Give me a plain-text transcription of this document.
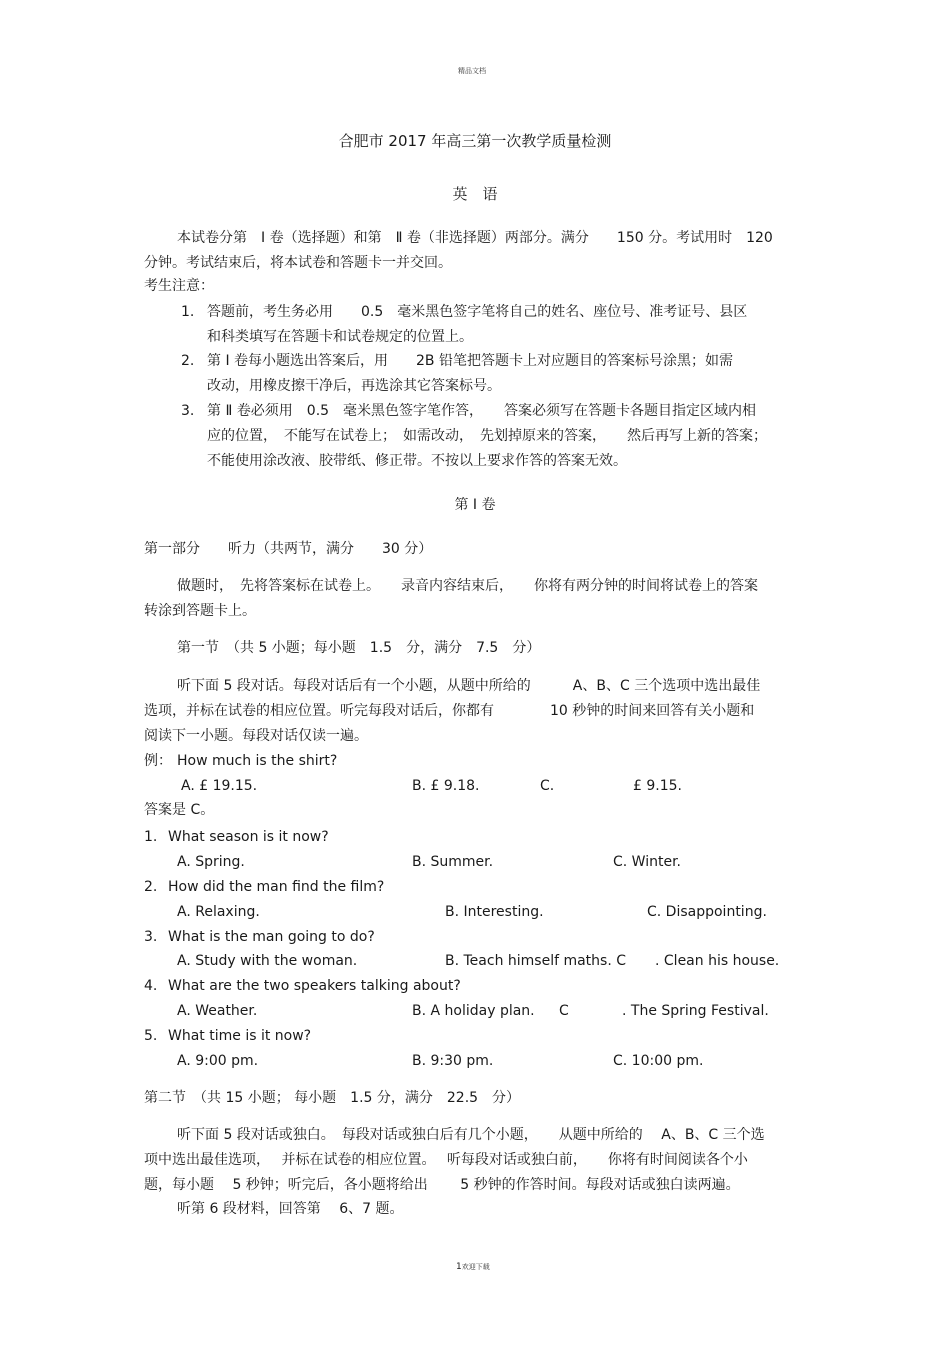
精品文档
合肥市 2017 年高三第一次教学质量检测
英　语
本试卷分第　Ⅰ 卷（选择题）和第　Ⅱ 卷（非选择题）两部分。满分　　150 分。考试用时　120
分钟。考试结束后，将本试卷和答题卡一并交回。
考生注意：
1. 答题前，考生务必用　　0.5　毫米黑色签字笔将自己的姓名、座位号、准考证号、县区
和科类填写在答题卡和试卷规定的位置上。
2. 第 Ⅰ 卷每小题选出答案后，用　　2B 铅笔把答题卡上对应题目的答案标号涂黑；如需
改动，用橡皮擦干净后，再选涂其它答案标号。
3. 第 Ⅱ 卷必须用　0.5　毫米黑色签字笔作答，　　答案必须写在答题卡各题目指定区域内相
应的位置，　不能写在试卷上；　如需改动，　先划掉原来的答案，　　然后再写上新的答案；
不能使用涂改液、胶带纸、修正带。不按以上要求作答的答案无效。
第 Ⅰ 卷
第一部分　　听力（共两节，满分　　30 分）
做题时，　先将答案标在试卷上。　　录音内容结束后，　　你将有两分钟的时间将试卷上的答案
转涂到答题卡上。
第一节　（共 5 小题；每小题　1.5　分，满分　7.5　分）
听下面 5 段对话。每段对话后有一个小题，从题中所给的　　　A、B、C 三个选项中选出最佳
选项，并标在试卷的相应位置。听完每段对话后，你都有　　　　10 秒钟的时间来回答有关小题和
阅读下一小题。每段对话仅读一遍。
例： How much is the shirt?
A. £ 19.15.	B. £ 9.18.	C.	£ 9.15.
答案是 C。
1. What season is it now?
A. Spring.	B. Summer.	C. Winter.
2. How did the man find the film?
A. Relaxing.	B. Interesting.	C. Disappointing.
3. What is the man going to do?
A. Study with the woman.	B. Teach himself maths. C . Clean his house.
4. What are the two speakers talking about?
A. Weather.	B. A holiday plan. C	. The Spring Festival.
5. What time is it now?
A. 9:00 pm.	B. 9:30 pm.	C. 10:00 pm.
第二节　（共 15 小题； 每小题　1.5 分，满分　22.5　分）
听下面 5 段对话或独白。　每段对话或独白后有几个小题，　　从题中所给的　 A、B、C 三个选
项中选出最佳选项，　 并标在试卷的相应位置。　 听每段对话或独白前，　　你将有时间阅读各个小
题，每小题　 5 秒钟；听完后，各小题将给出　　 5 秒钟的作答时间。每段对话或独白读两遍。
听第 6 段材料，回答第　 6、7 题。
1欢迎下载
